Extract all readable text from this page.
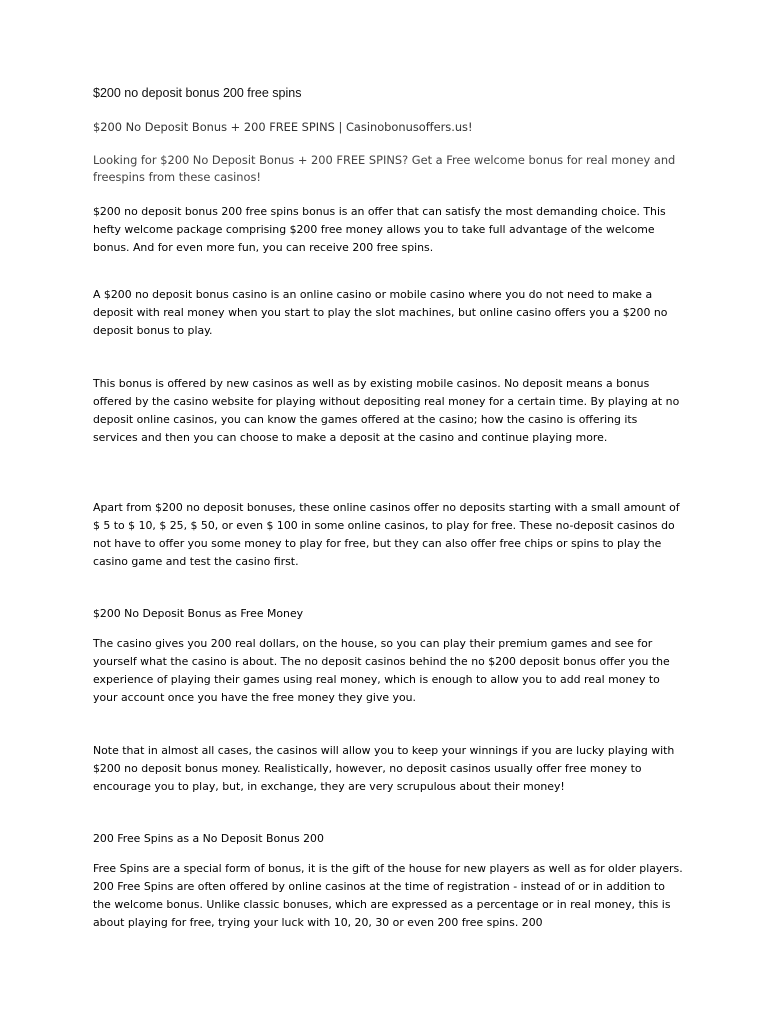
$200 no deposit bonus 200 free spins
$200 No Deposit Bonus + 200 FREE SPINS | Casinobonusoffers.us!

Looking for $200 No Deposit Bonus + 200 FREE SPINS? Get a Free welcome bonus for real money and freespins from these casinos!

$200 no deposit bonus 200 free spins bonus is an offer that can satisfy the most demanding choice. This hefty welcome package comprising $200 free money allows you to take full advantage of the welcome bonus. And for even more fun, you can receive 200 free spins.

A $200 no deposit bonus casino is an online casino or mobile casino where you do not need to make a deposit with real money when you start to play the slot machines, but online casino offers you a $200 no deposit bonus to play.

This bonus is offered by new casinos as well as by existing mobile casinos. No deposit means a bonus offered by the casino website for playing without depositing real money for a certain time. By playing at no deposit online casinos, you can know the games offered at the casino; how the casino is offering its services and then you can choose to make a deposit at the casino and continue playing more.

Apart from $200 no deposit bonuses, these online casinos offer no deposits starting with a small amount of $ 5 to $ 10, $ 25, $ 50, or even $ 100 in some online casinos, to play for free. These no-deposit casinos do not have to offer you some money to play for free, but they can also offer free chips or spins to play the casino game and test the casino first.

$200 No Deposit Bonus as Free Money

The casino gives you 200 real dollars, on the house, so you can play their premium games and see for yourself what the casino is about. The no deposit casinos behind the no $200 deposit bonus offer you the experience of playing their games using real money, which is enough to allow you to add real money to your account once you have the free money they give you.

Note that in almost all cases, the casinos will allow you to keep your winnings if you are lucky playing with $200 no deposit bonus money. Realistically, however, no deposit casinos usually offer free money to encourage you to play, but, in exchange, they are very scrupulous about their money!

200 Free Spins as a No Deposit Bonus 200

Free Spins are a special form of bonus, it is the gift of the house for new players as well as for older players. 200 Free Spins are often offered by online casinos at the time of registration - instead of or in addition to the welcome bonus. Unlike classic bonuses, which are expressed as a percentage or in real money, this is about playing for free, trying your luck with 10, 20, 30 or even 200 free spins. 200
